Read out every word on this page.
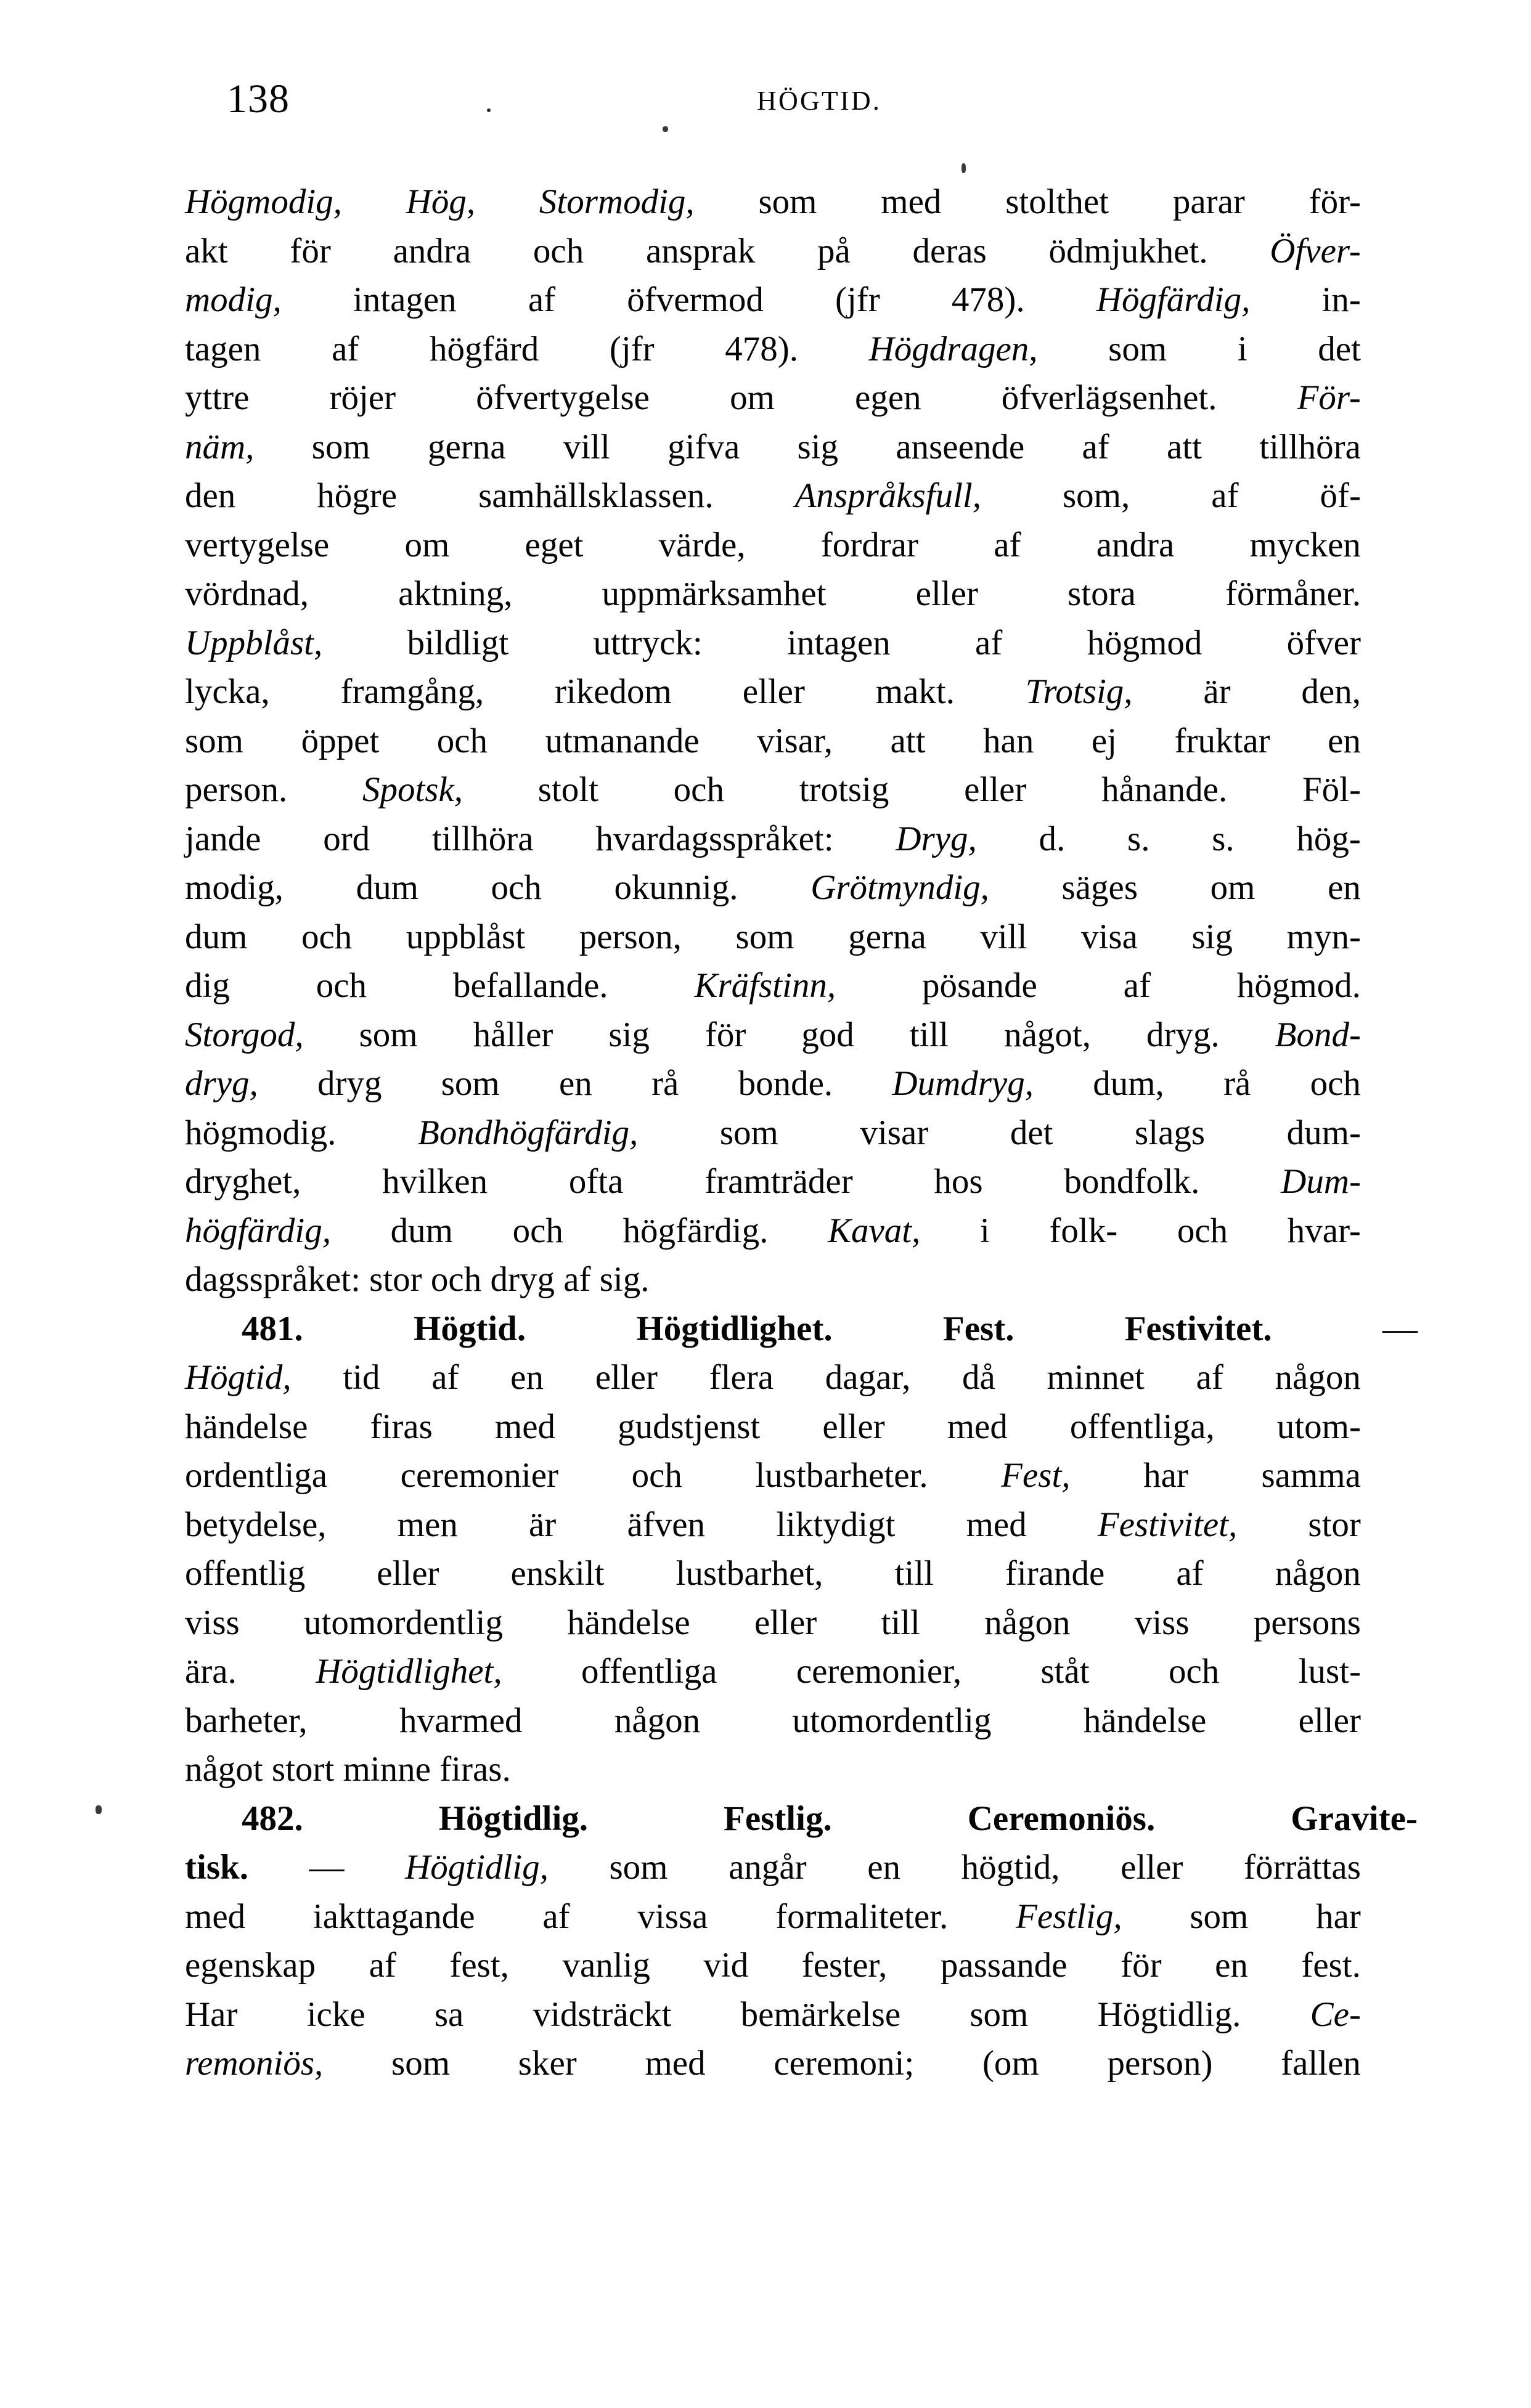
138	HÖGTID.
Högmodig, Hög, Stormodig, som med stolthet parar för-
akt för andra och ansprak på deras ödmjukhet. Öfver-
modig, intagen af öfvermod (jfr 478). Högfärdig, in-
tagen af högfärd (jfr 478). Högdragen, som i det
yttre röjer öfvertygelse om egen öfverlägsenhet. För-
näm, som gerna vill gifva sig anseende af att tillhöra
den högre samhällsklassen. Anspråksfull, som, af öf-
vertygelse om eget värde, fordrar af andra mycken
vördnad,	aktning,	uppmärksamhet	eller	stora	förmåner.
Uppblåst, bildligt uttryck: intagen af högmod öfver
lycka, framgång, rikedom eller makt. Trotsig, är den,
som öppet och utmanande visar, att han ej fruktar en
person. Spotsk, stolt och trotsig eller hånande. Föl-
jande ord tillhöra hvardagsspråket: Dryg, d. s. s. hög-
modig, dum och okunnig. Grötmyndig, säges om en
dum och uppblåst person, som gerna vill visa sig myn-
dig och befallande. Kräfstinn, pösande af högmod.
Storgod, som håller sig för god till något, dryg. Bond-
dryg, dryg som en rå bonde. Dumdryg, dum, rå och
högmodig. Bondhögfärdig, som visar det slags dum-
dryghet, hvilken ofta framträder hos bondfolk. Dum-
högfärdig, dum och högfärdig. Kavat, i folk- och hvar-
dagsspråket: stor och dryg af sig.
481.	Högtid.	Högtidlighet.	Fest.	Festivitet.	—
Högtid, tid af en eller flera dagar, då minnet af någon
händelse firas med gudstjenst eller med offentliga, utom-
ordentliga ceremonier och lustbarheter. Fest, har samma
betydelse, men är äfven liktydigt med Festivitet, stor
offentlig eller enskilt lustbarhet, till firande af någon
viss utomordentlig händelse eller till någon viss persons
ära. Högtidlighet, offentliga ceremonier, ståt och lust-
barheter,	hvarmed	någon	utomordentlig	händelse	eller
något stort minne firas.
482.	Högtidlig.	Festlig.	Ceremoniös.	Gravite-
tisk. — Högtidlig, som angår en högtid, eller förrättas
med iakttagande af vissa formaliteter. Festlig, som har
egenskap af fest, vanlig vid fester, passande för en fest.
Har icke sa vidsträckt bemärkelse som Högtidlig. Ce-
remoniös, som sker med ceremoni; (om person) fallen
